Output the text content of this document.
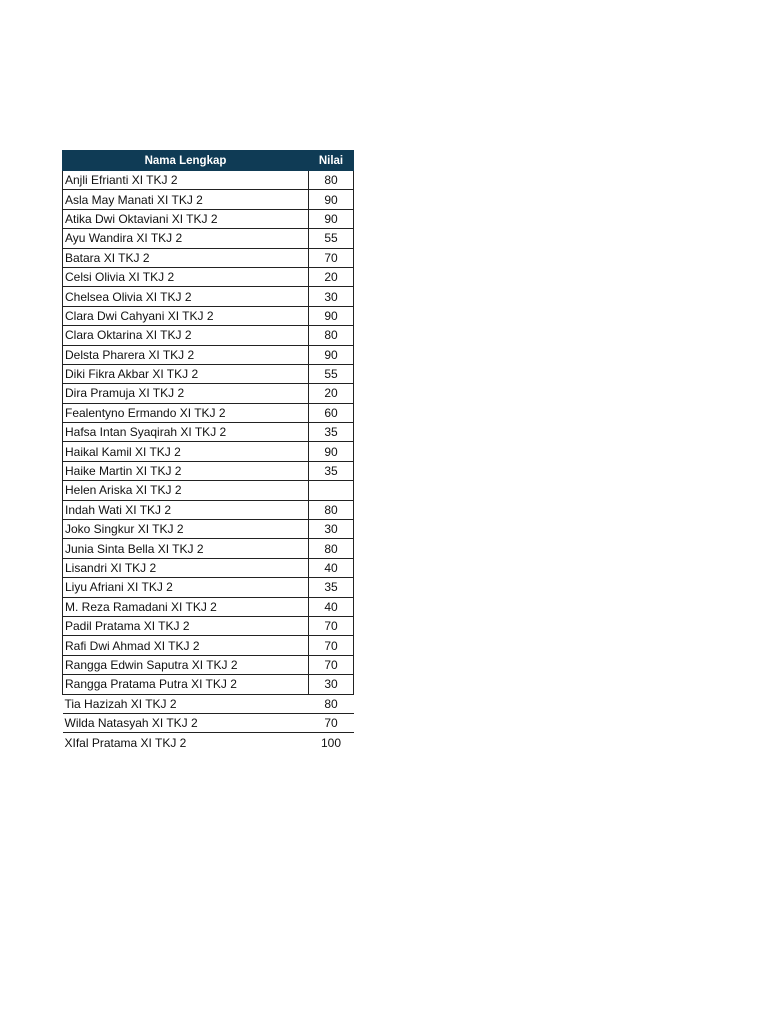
Nama Lengkap	Nilai
Anjli Efrianti XI TKJ 2	80
Asla May Manati XI TKJ 2	90
Atika Dwi Oktaviani XI TKJ 2	90
Ayu Wandira XI TKJ 2	55
Batara XI TKJ 2	70
Celsi Olivia XI TKJ 2	20
Chelsea Olivia XI TKJ 2	30
Clara Dwi Cahyani XI TKJ 2	90
Clara Oktarina XI TKJ 2	80
Delsta Pharera XI TKJ 2	90
Diki Fikra Akbar XI TKJ 2	55
Dira Pramuja XI TKJ 2	20
Fealentyno Ermando XI TKJ 2	60
Hafsa Intan Syaqirah XI TKJ 2	35
Haikal Kamil XI TKJ 2	90
Haike Martin XI TKJ 2	35
Helen Ariska XI TKJ 2	
Indah Wati XI TKJ 2	80
Joko Singkur XI TKJ 2	30
Junia Sinta Bella XI TKJ 2	80
Lisandri XI TKJ 2	40
Liyu Afriani XI TKJ 2	35
M. Reza Ramadani XI TKJ 2	40
Padil Pratama XI TKJ 2	70
Rafi Dwi Ahmad XI TKJ 2	70
Rangga Edwin Saputra XI TKJ 2	70
Rangga Pratama Putra XI TKJ 2	30
Tia Hazizah XI TKJ 2	80
Wilda Natasyah XI TKJ 2	70
XIfal Pratama XI TKJ 2	100
